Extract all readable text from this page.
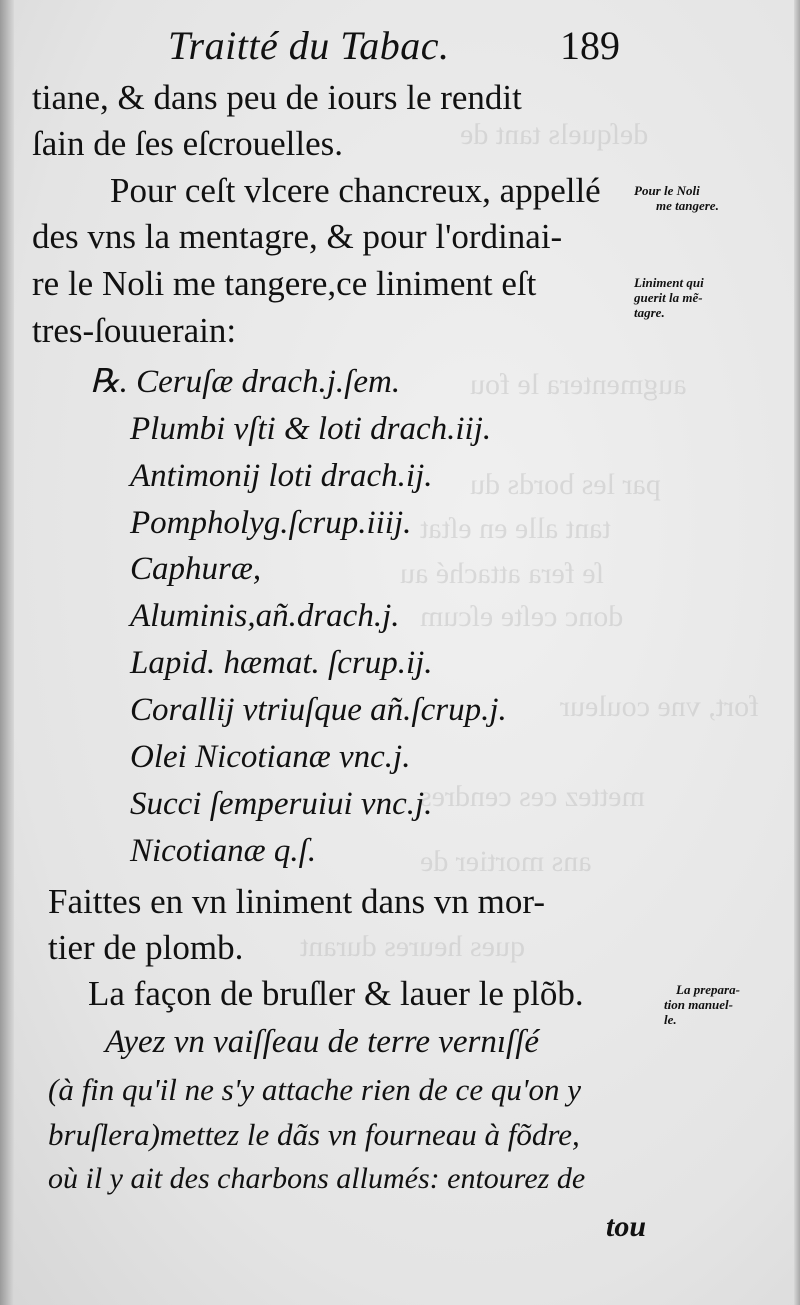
deſquels tant de
augmentera le fou
par les bords du
tant alle en eſtat
ſe fera attaché au
donc ceſte eſcum
fort, vne couleur
mettez ces cendres
ans mortier de
ques heures durant
Traitté du Tabac.	189
tiane, & dans peu de iours le rendit
ſain de ſes eſcrouelles.
Pour ceſt vlcere chancreux, appellé
des vns la mentagre, & pour l'ordinai-
re le Noli me tangere,ce liniment eſt
tres-ſouuerain:
℞. Ceruſæ drach.j.ſem.
Plumbi vſti & loti drach.iij.
Antimonij loti drach.ij.
Pompholyg.ſcrup.iiij.
Caphuræ,
Aluminis,añ.drach.j.
Lapid. hæmat. ſcrup.ij.
Corallij vtriuſque añ.ſcrup.j.
Olei Nicotianæ vnc.j.
Succi ſemperuiui vnc.j.
Nicotianæ q.ſ.
Faittes en vn liniment dans vn mor-
tier de plomb.
La façon de bruſler & lauer le plõb.
Ayez vn vaiſſeau de terre vernıſſé
(à fin qu'il ne s'y attache rien de ce qu'on y
bruſlera)mettez le dãs vn fourneau à fõdre,
où il y ait des charbons allumés: entourez de
tou
Pour le Noli
me tangere.
Liniment qui
guerit la mẽ-
tagre.
La prepara-
tion manuel-
le.
